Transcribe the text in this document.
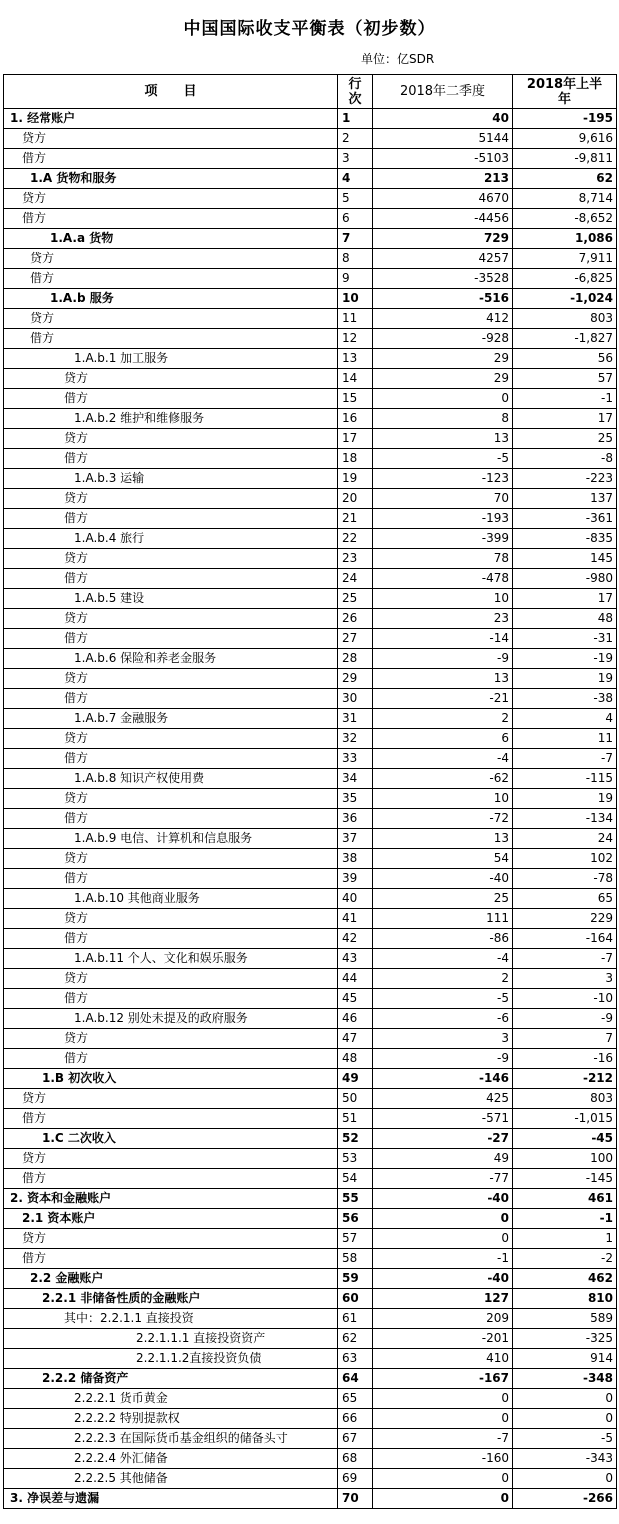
中国国际收支平衡表（初步数）
单位：亿SDR
项　　目	行次	2018年二季度	2018年上半年
1. 经常账户	1	40	-195
贷方	2	5144	9,616
借方	3	-5103	-9,811
1.A 货物和服务	4	213	62
贷方	5	4670	8,714
借方	6	-4456	-8,652
1.A.a 货物	7	729	1,086
贷方	8	4257	7,911
借方	9	-3528	-6,825
1.A.b 服务	10	-516	-1,024
贷方	11	412	803
借方	12	-928	-1,827
1.A.b.1 加工服务	13	29	56
贷方	14	29	57
借方	15	0	-1
1.A.b.2 维护和维修服务	16	8	17
贷方	17	13	25
借方	18	-5	-8
1.A.b.3 运输	19	-123	-223
贷方	20	70	137
借方	21	-193	-361
1.A.b.4 旅行	22	-399	-835
贷方	23	78	145
借方	24	-478	-980
1.A.b.5 建设	25	10	17
贷方	26	23	48
借方	27	-14	-31
1.A.b.6 保险和养老金服务	28	-9	-19
贷方	29	13	19
借方	30	-21	-38
1.A.b.7 金融服务	31	2	4
贷方	32	6	11
借方	33	-4	-7
1.A.b.8 知识产权使用费	34	-62	-115
贷方	35	10	19
借方	36	-72	-134
1.A.b.9 电信、计算机和信息服务	37	13	24
贷方	38	54	102
借方	39	-40	-78
1.A.b.10 其他商业服务	40	25	65
贷方	41	111	229
借方	42	-86	-164
1.A.b.11 个人、文化和娱乐服务	43	-4	-7
贷方	44	2	3
借方	45	-5	-10
1.A.b.12 别处未提及的政府服务	46	-6	-9
贷方	47	3	7
借方	48	-9	-16
1.B 初次收入	49	-146	-212
贷方	50	425	803
借方	51	-571	-1,015
1.C 二次收入	52	-27	-45
贷方	53	49	100
借方	54	-77	-145
2. 资本和金融账户	55	-40	461
2.1 资本账户	56	0	-1
贷方	57	0	1
借方	58	-1	-2
2.2 金融账户	59	-40	462
2.2.1 非储备性质的金融账户	60	127	810
其中：2.2.1.1 直接投资	61	209	589
2.2.1.1.1 直接投资资产	62	-201	-325
2.2.1.1.2直接投资负债	63	410	914
2.2.2 储备资产	64	-167	-348
2.2.2.1 货币黄金	65	0	0
2.2.2.2 特别提款权	66	0	0
2.2.2.3 在国际货币基金组织的储备头寸	67	-7	-5
2.2.2.4 外汇储备	68	-160	-343
2.2.2.5 其他储备	69	0	0
3. 净误差与遗漏	70	0	-266
